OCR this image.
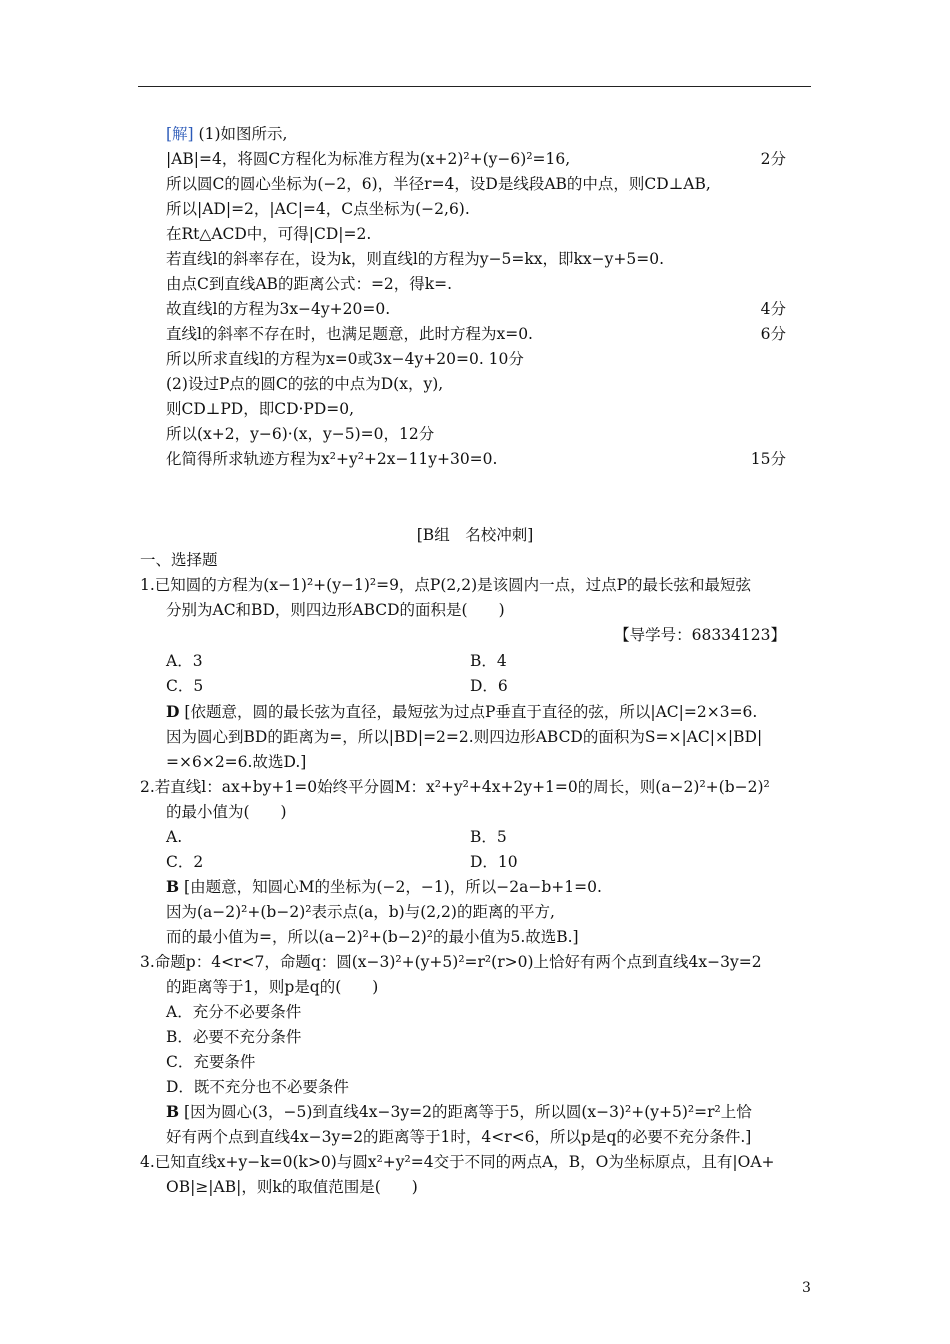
[解] (1)如图所示,
|AB|=4，将圆C方程化为标准方程为(x+2)²+(y−6)²=16,	2分
所以圆C的圆心坐标为(−2，6)，半径r=4，设D是线段AB的中点，则CD⊥AB,
所以|AD|=2，|AC|=4，C点坐标为(−2,6).
在Rt△ACD中，可得|CD|=2.
若直线l的斜率存在，设为k，则直线l的方程为y−5=kx，即kx−y+5=0.
由点C到直线AB的距离公式：=2，得k=.
故直线l的方程为3x−4y+20=0.	4分
直线l的斜率不存在时，也满足题意，此时方程为x=0.	6分
所以所求直线l的方程为x=0或3x−4y+20=0. 10分
(2)设过P点的圆C的弦的中点为D(x，y),
则CD⊥PD，即CD·PD=0,
所以(x+2，y−6)·(x，y−5)=0，12分
化简得所求轨迹方程为x²+y²+2x−11y+30=0.	15分
[B组　名校冲刺]
一、选择题
1.已知圆的方程为(x−1)²+(y−1)²=9，点P(2,2)是该圆内一点，过点P的最长弦和最短弦
分别为AC和BD，则四边形ABCD的面积是(　　)
【导学号：68334123】
A．3	B．4
C．5	D．6
D [依题意，圆的最长弦为直径，最短弦为过点P垂直于直径的弦，所以|AC|=2×3=6.
因为圆心到BD的距离为=，所以|BD|=2=2.则四边形ABCD的面积为S=×|AC|×|BD|
=×6×2=6.故选D.]
2.若直线l：ax+by+1=0始终平分圆M：x²+y²+4x+2y+1=0的周长，则(a−2)²+(b−2)²
的最小值为(　　)
A.	B．5
C．2	D．10
B [由题意，知圆心M的坐标为(−2，−1)，所以−2a−b+1=0.
因为(a−2)²+(b−2)²表示点(a，b)与(2,2)的距离的平方,
而的最小值为=，所以(a−2)²+(b−2)²的最小值为5.故选B.]
3.命题p：4<r<7，命题q：圆(x−3)²+(y+5)²=r²(r>0)上恰好有两个点到直线4x−3y=2
的距离等于1，则p是q的(　　)
A．充分不必要条件
B．必要不充分条件
C．充要条件
D．既不充分也不必要条件
B [因为圆心(3，−5)到直线4x−3y=2的距离等于5，所以圆(x−3)²+(y+5)²=r²上恰
好有两个点到直线4x−3y=2的距离等于1时，4<r<6，所以p是q的必要不充分条件.]
4.已知直线x+y−k=0(k>0)与圆x²+y²=4交于不同的两点A，B，O为坐标原点，且有|OA+
OB|≥|AB|，则k的取值范围是(　　)
3
